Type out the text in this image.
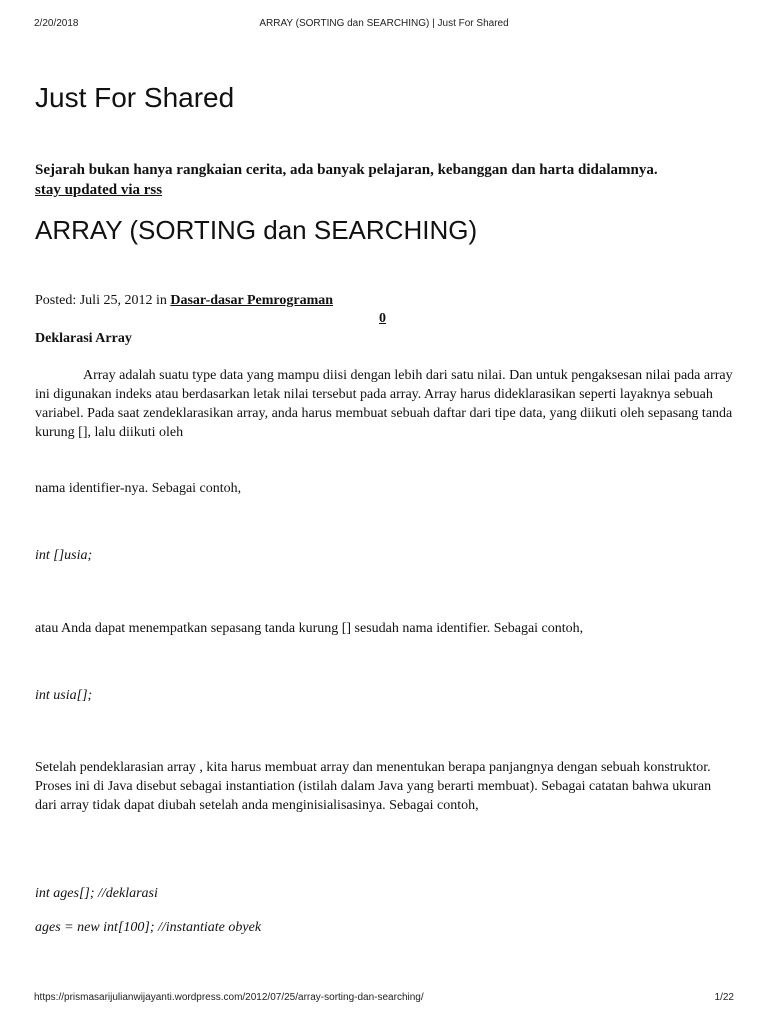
2/20/2018	ARRAY (SORTING dan SEARCHING) | Just For Shared
Just For Shared

Sejarah bukan hanya rangkaian cerita, ada banyak pelajaran, kebanggan dan harta didalamnya.
stay updated via rss

ARRAY (SORTING dan SEARCHING)
Posted: Juli 25, 2012 in Dasar-dasar Pemrograman
0
Deklarasi Array

Array adalah suatu type data yang mampu diisi dengan lebih dari satu nilai. Dan untuk pengaksesan nilai pada array ini digunakan indeks atau berdasarkan letak nilai tersebut pada array. Array harus dideklarasikan seperti layaknya sebuah variabel. Pada saat zendeklarasikan array, anda harus membuat sebuah daftar dari tipe data, yang diikuti oleh sepasang tanda kurung [], lalu diikuti oleh

nama identifier-nya. Sebagai contoh,

int []usia;

atau Anda dapat menempatkan sepasang tanda kurung [] sesudah nama identifier. Sebagai contoh,

int usia[];

Setelah pendeklarasian array , kita harus membuat array dan menentukan berapa panjangnya dengan sebuah konstruktor. Proses ini di Java disebut sebagai instantiation (istilah dalam Java yang berarti membuat). Sebagai catatan bahwa ukuran dari array tidak dapat diubah setelah anda menginisialisasinya. Sebagai contoh,

int ages[]; //deklarasi

ages = new int[100]; //instantiate obyek

https://prismasarijulianwijayanti.wordpress.com/2012/07/25/array-sorting-dan-searching/	1/22
